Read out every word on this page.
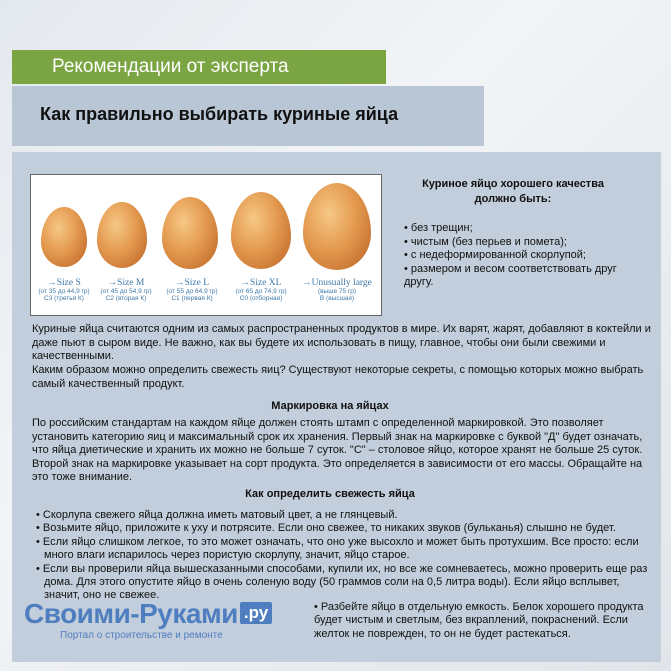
Рекомендации от эксперта
Как правильно выбирать куриные яйца
→Size S
(от 35 до 44,9 гр)
С3 (третья К)
→Size M
(от 45 до 54,9 гр)
С2 (вторая К)
→Size L
(от 55 до 64,9 гр)
С1 (первая К)
→Size XL
(от 65 до 74,9 гр)
С0 (отборная)
→Unusually large
(выше 75 гр)
В (высшая)
Куриное яйцо хорошего качества
должно быть:
• без трещин;
• чистым (без перьев и помета);
• с недеформированной скорлупой;
• размером и весом соответствовать друг другу.

Куриные яйца считаются одним из самых распространенных продуктов в мире. Их варят, жарят, добавляют в коктейли и даже пьют в сыром виде. Не важно, как вы будете их использовать в пищу, главное, чтобы они были свежими и качественными.

Каким образом можно определить свежесть яиц? Существуют некоторые секреты, с помощью которых можно выбрать самый качественный продукт.

Маркировка на яйцах

По российским стандартам на каждом яйце должен стоять штамп с определенной маркировкой. Это позволяет установить категорию яиц и максимальный срок их хранения. Первый знак на маркировке с буквой "Д" будет означать, что яйца диетические и хранить их можно не больше 7 суток. "С" – столовое яйцо, которое хранят не больше 25 суток. Второй знак на маркировке указывает на сорт продукта. Это определяется в зависимости от его массы. Обращайте на это тоже внимание.

Как определить свежесть яйца
• Скорлупа свежего яйца должна иметь матовый цвет, а не глянцевый.
• Возьмите яйцо, приложите к уху и потрясите. Если оно свежее, то никаких звуков (бульканья) слышно не будет.
• Если яйцо слишком легкое, то это может означать, что оно уже высохло и может быть протухшим. Все просто: если много влаги испарилось через пористую скорлупу, значит, яйцо старое.
• Если вы проверили яйца вышесказанными способами, купили их, но все же сомневаетесь, можно проверить еще раз дома. Для этого опустите яйцо в очень соленую воду (50 граммов соли на 0,5 литра воды). Если яйцо всплывет, значит, оно не свежее.
Своими-Руками .ру
Портал о строительстве и ремонте

• Разбейте яйцо в отдельную емкость. Белок хорошего продукта будет чистым и светлым, без вкраплений, покраснений. Если желток не поврежден, то он не будет растекаться.
